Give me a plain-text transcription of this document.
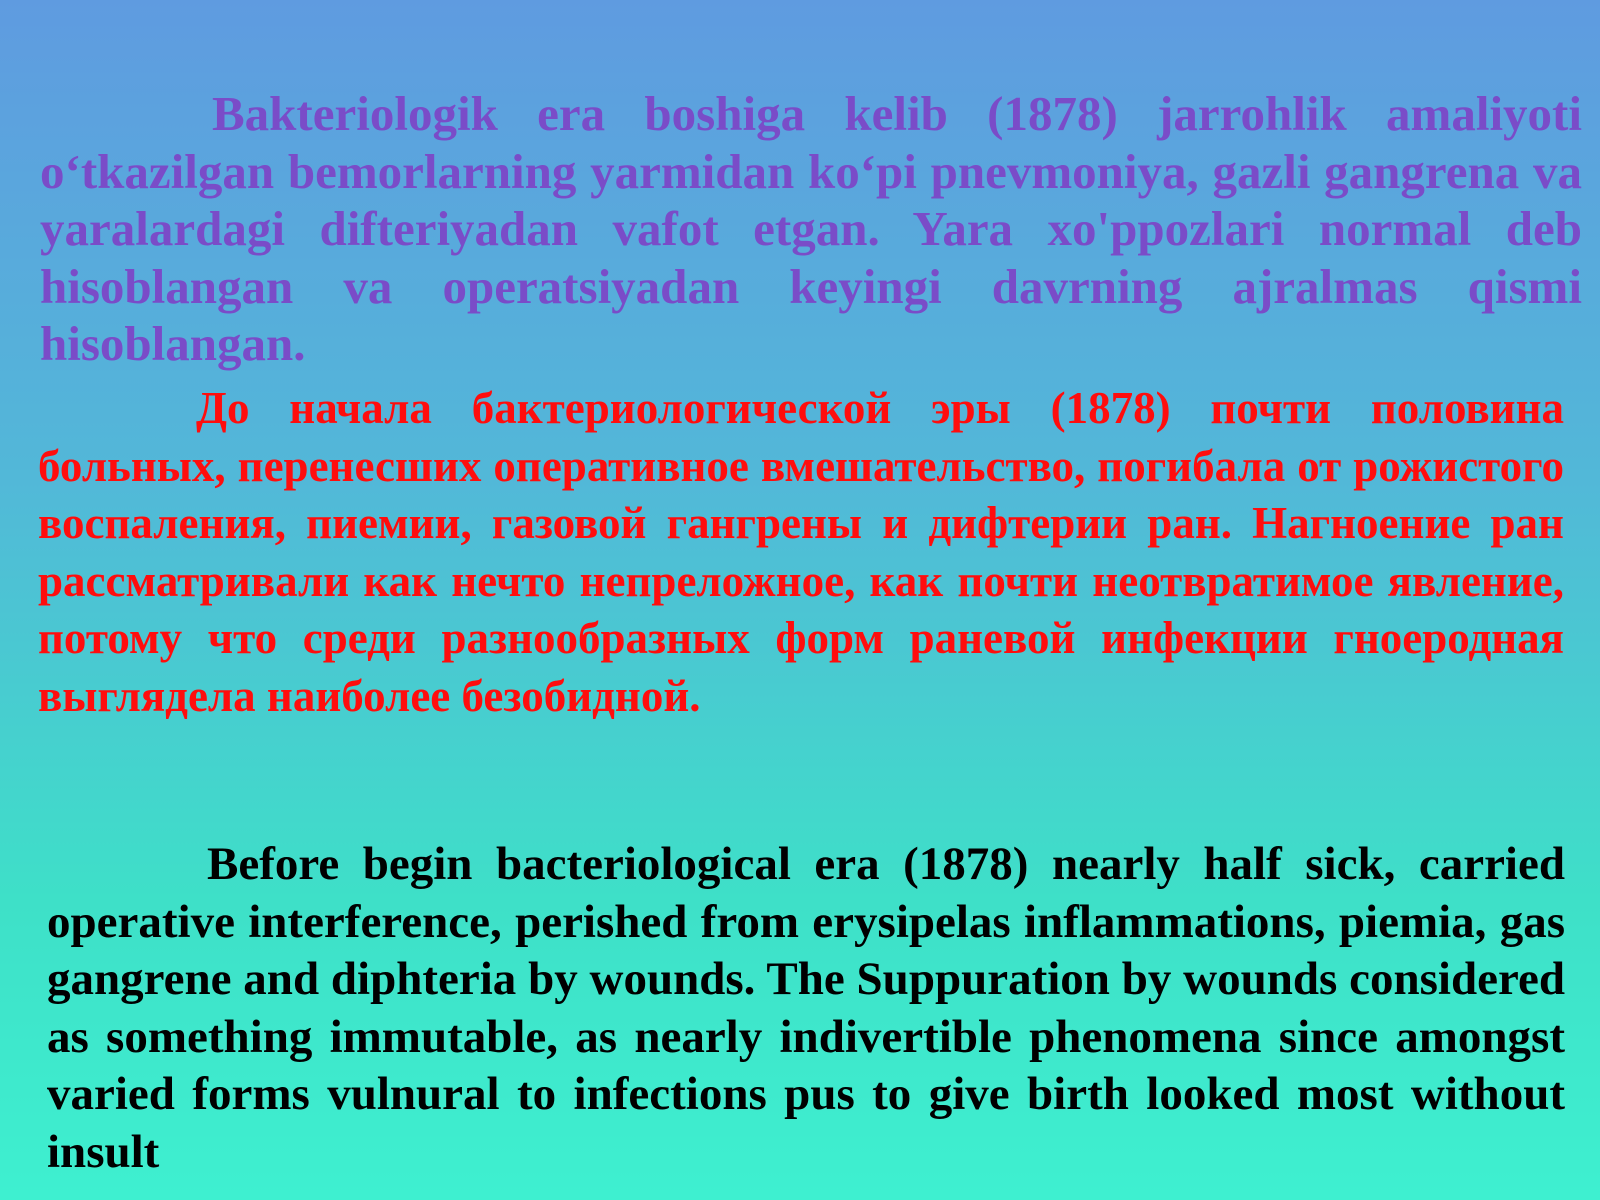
Bakteriologik era boshiga kelib (1878) jarrohlik amaliyoti o‘tkazilgan bemorlarning yarmidan ko‘pi pnevmoniya, gazli gangrena va yaralardagi difteriyadan vafot etgan. Yara xo'ppozlari normal deb hisoblangan va operatsiyadan keyingi davrning ajralmas qismi hisoblangan.

До начала бактериологической эры (1878) почти половина больных, перенесших оперативное вмешательство, погибала от рожистого воспаления, пиемии, газовой гангрены и дифтерии ран. Нагноение ран рассматривали как нечто непреложное, как почти неотвратимое явление, потому что среди разнообразных форм раневой инфекции гноеродная выглядела наиболее безобидной.

Before begin bacteriological era (1878) nearly half sick, carried operative interference, perished from erysipelas inflammations, piemia, gas gangrene and diphteria by wounds. The Suppuration by wounds considered as something immutable, as nearly indivertible phenomena since amongst varied forms vulnural to infections pus to give birth looked most without insult
